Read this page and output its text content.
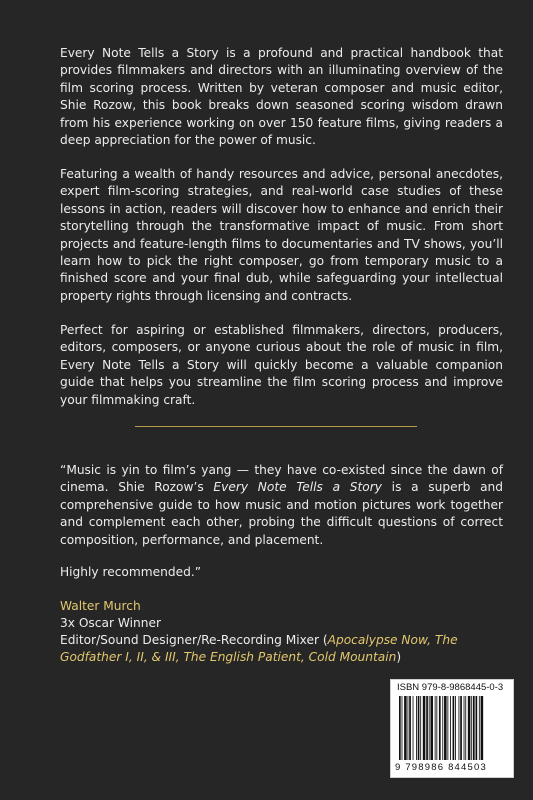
Every Note Tells a Story is a profound and practical handbook that provides filmmakers and directors with an illuminating overview of the film scoring process. Written by veteran composer and music editor, Shie Rozow, this book breaks down seasoned scoring wisdom drawn from his experience working on over 150 feature films, giving readers a deep appreciation for the power of music.

Featuring a wealth of handy resources and advice, personal anecdotes, expert film-scoring strategies, and real-world case studies of these lessons in action, readers will discover how to enhance and enrich their storytelling through the transformative impact of music. From short projects and feature-length films to documentaries and TV shows, you’ll learn how to pick the right composer, go from temporary music to a finished score and your final dub, while safeguarding your intellectual property rights through licensing and contracts.

Perfect for aspiring or established filmmakers, directors, producers, editors, composers, or anyone curious about the role of music in film, Every Note Tells a Story will quickly become a valuable companion guide that helps you streamline the film scoring process and improve your filmmaking craft.

“Music is yin to film’s yang — they have co-existed since the dawn of cinema. Shie Rozow’s Every Note Tells a Story is a superb and comprehensive guide to how music and motion pictures work together and complement each other, probing the difficult questions of correct composition, performance, and placement.

Highly recommended.”

Walter Murch

3x Oscar Winner

Editor/Sound Designer/Re-Recording Mixer (Apocalypse Now, The Godfather I, II, & III, The English Patient, Cold Mountain)

ISBN 979-8-9868445-0-3
9 798986 844503
